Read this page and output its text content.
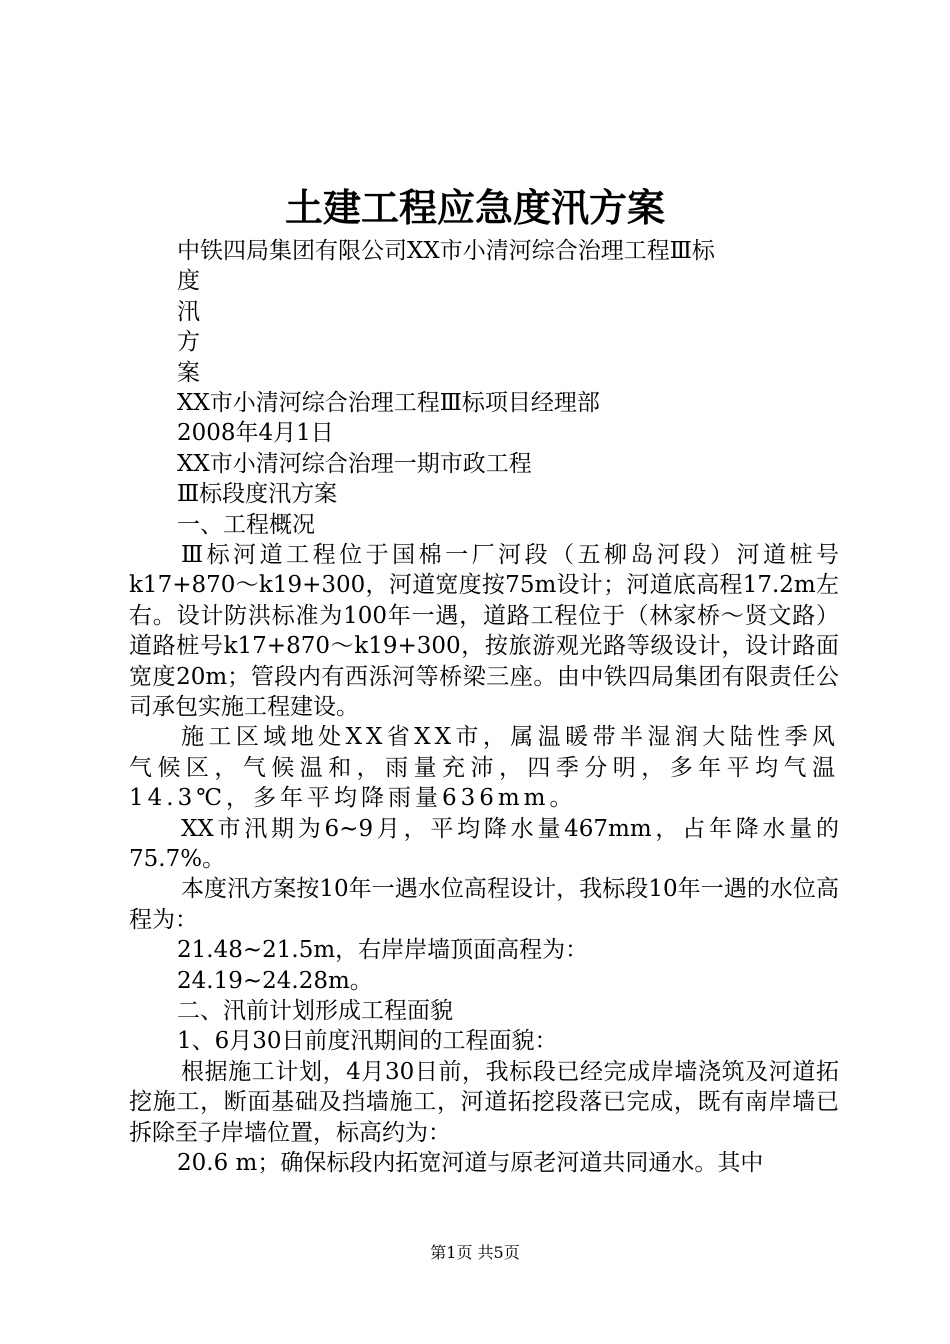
土建工程应急度汛方案
中铁四局集团有限公司XX市小清河综合治理工程Ⅲ标
度
汛
方
案
XX市小清河综合治理工程Ⅲ标项目经理部
2008年4月1日
XX市小清河综合治理一期市政工程
Ⅲ标段度汛方案
一、工程概况
Ⅲ标河道工程位于国棉一厂河段（五柳岛河段）河道桩号k17+870～k19+300，河道宽度按75m设计；河道底高程17.2m左右。设计防洪标准为100年一遇，道路工程位于（林家桥～贤文路）道路桩号k17+870～k19+300，按旅游观光路等级设计，设计路面宽度20m；管段内有西泺河等桥梁三座。由中铁四局集团有限责任公司承包实施工程建设。
施工区域地处XX省XX市，属温暖带半湿润大陆性季风气候区，气候温和，雨量充沛，四季分明，多年平均气温14.3℃，多年平均降雨量636mm。
XX市汛期为6~9月，平均降水量467mm，占年降水量的75.7%。
本度汛方案按10年一遇水位高程设计，我标段10年一遇的水位高程为：
21.48~21.5m，右岸岸墙顶面高程为：
24.19~24.28m。
二、汛前计划形成工程面貌
1、6月30日前度汛期间的工程面貌：
根据施工计划，4月30日前，我标段已经完成岸墙浇筑及河道拓挖施工，断面基础及挡墙施工，河道拓挖段落已完成，既有南岸墙已拆除至子岸墙位置，标高约为：
20.6 m；确保标段内拓宽河道与原老河道共同通水。其中
第1页 共5页
